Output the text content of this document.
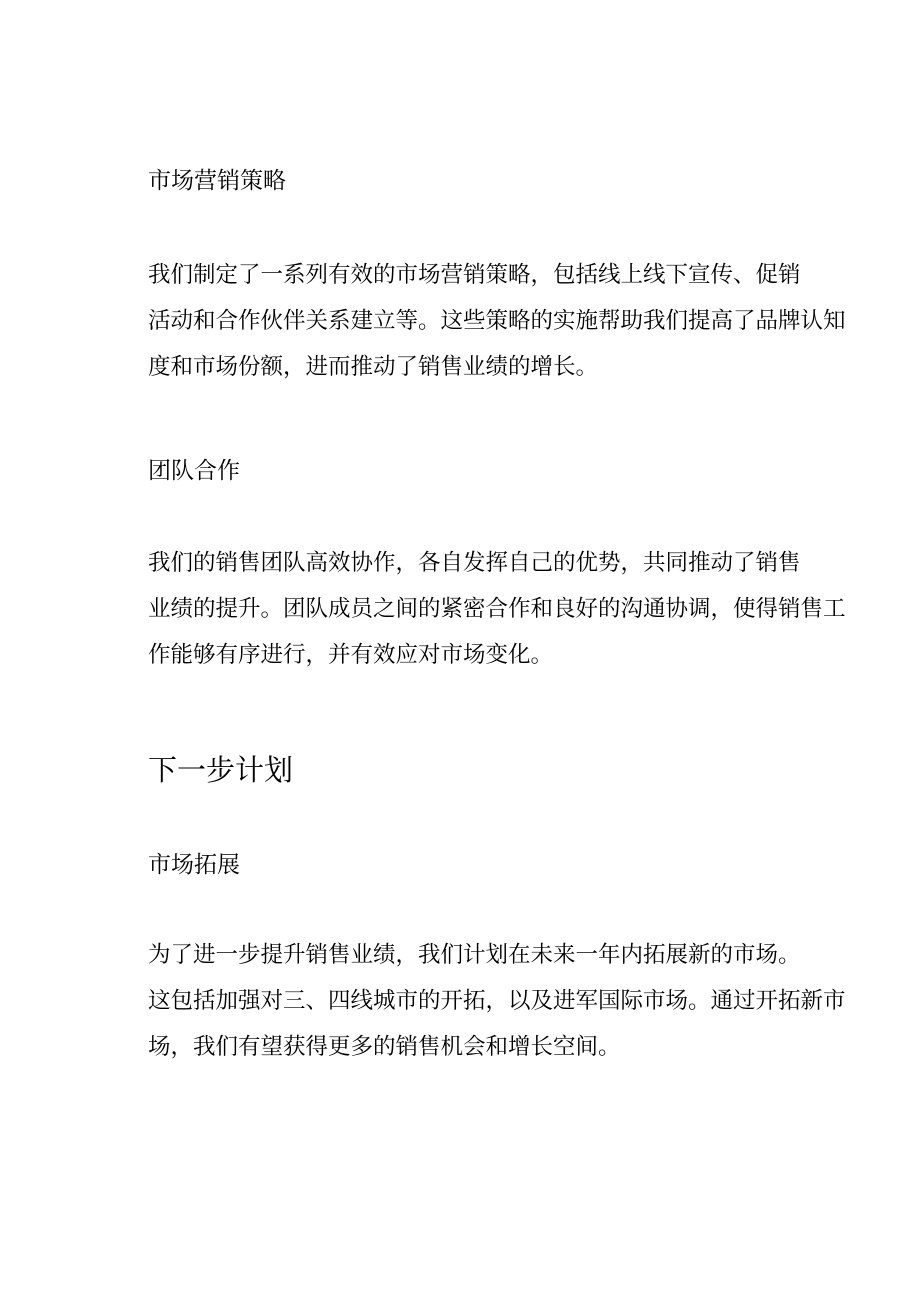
市场营销策略

我们制定了一系列有效的市场营销策略，包括线上线下宣传、促销
活动和合作伙伴关系建立等。这些策略的实施帮助我们提高了品牌认知
度和市场份额，进而推动了销售业绩的增长。

团队合作

我们的销售团队高效协作，各自发挥自己的优势，共同推动了销售
业绩的提升。团队成员之间的紧密合作和良好的沟通协调，使得销售工
作能够有序进行，并有效应对市场变化。

下一步计划
市场拓展

为了进一步提升销售业绩，我们计划在未来一年内拓展新的市场。
这包括加强对三、四线城市的开拓，以及进军国际市场。通过开拓新市
场，我们有望获得更多的销售机会和增长空间。
